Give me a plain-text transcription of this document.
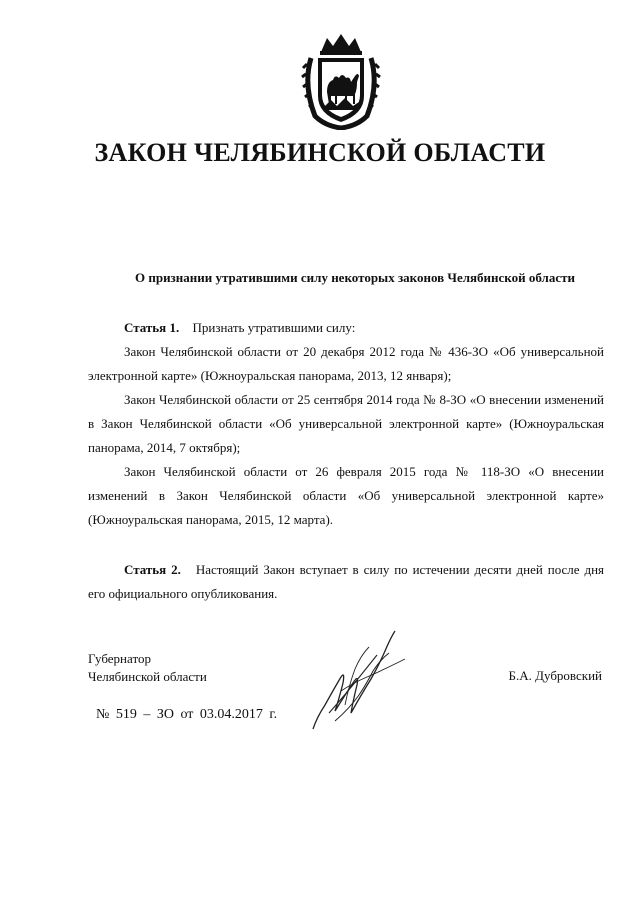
ЗАКОН ЧЕЛЯБИНСКОЙ ОБЛАСТИ

О признании утратившими силу некоторых законов Челябинской области

Статья 1. Признать утратившими силу:

Закон Челябинской области от 20 декабря 2012 года № 436-ЗО «Об универсальной электронной карте» (Южноуральская панорама, 2013, 12 января);

Закон Челябинской области от 25 сентября 2014 года № 8-ЗО «О внесении изменений в Закон Челябинской области «Об универсальной электронной карте» (Южноуральская панорама, 2014, 7 октября);

Закон Челябинской области от 26 февраля 2015 года № 118-ЗО «О внесении изменений в Закон Челябинской области «Об универсальной электронной карте» (Южноуральская панорама, 2015, 12 марта).

Статья 2. Настоящий Закон вступает в силу по истечении десяти дней после дня его официального опубликования.

Губернатор
Челябинской области	Б.А. Дубровский
№ 519 – ЗО от 03.04.2017 г.
